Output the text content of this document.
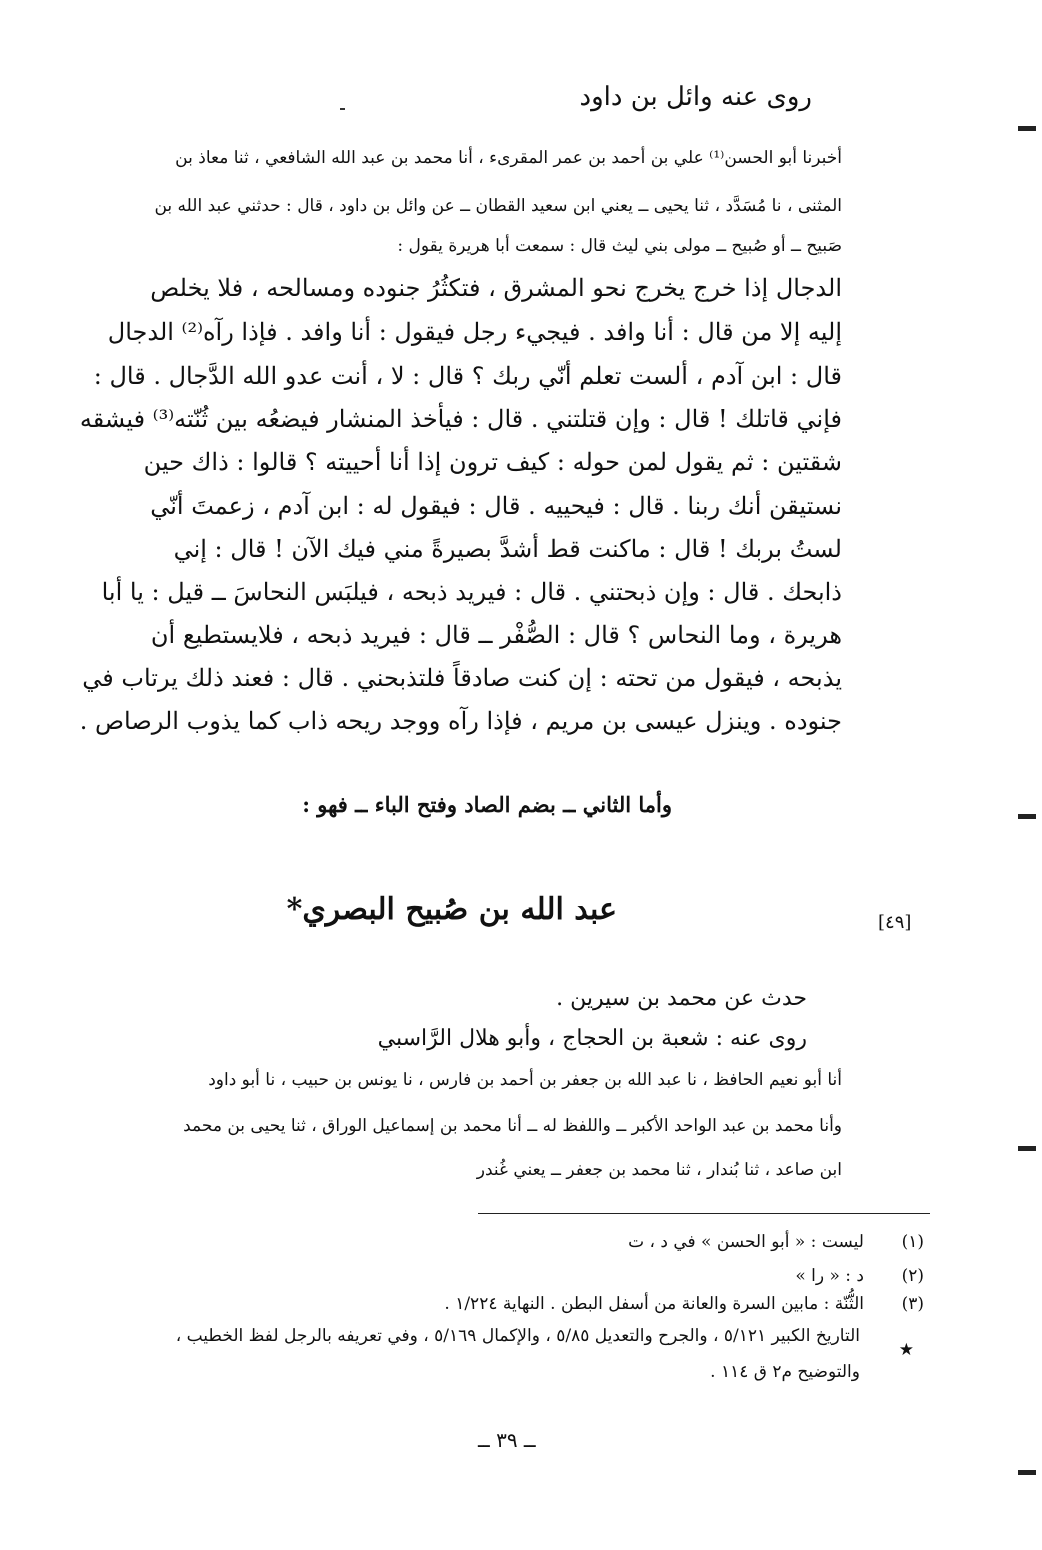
روى عنه وائل بن داود
أخبرنا أبو الحسن⁽¹⁾ علي بن أحمد بن عمر المقرىء ، أنا محمد بن عبد الله الشافعي ، ثنا معاذ بن
المثنى ، نا مُسَدَّد ، ثنا يحيى ــ يعني ابن سعيد القطان ــ عن وائل بن داود ، قال : حدثني عبد الله بن
صَبيح ــ أو صُبيح ــ مولى بني ليث قال : سمعت أبا هريرة يقول :
الدجال إذا خرج يخرج نحو المشرق ، فتكثُرُ جنوده ومسالحه ، فلا يخلص
إليه إلا من قال : أنا وافد . فيجيء رجل فيقول : أنا وافد . فإذا رآه⁽²⁾ الدجال
قال : ابن آدم ، ألست تعلم أنّي ربك ؟ قال : لا ، أنت عدو الله الدَّجال . قال :
فإني قاتلك ! قال : وإن قتلتني . قال : فيأخذ المنشار فيضعُه بين ثُنّته⁽³⁾ فيشقه
شقتين : ثم يقول لمن حوله : كيف ترون إذا أنا أحييته ؟ قالوا : ذاك حين
نستيقن أنك ربنا . قال : فيحييه . قال : فيقول له : ابن آدم ، زعمتَ أنّي
لستُ بربك ! قال : ماكنت قط أشدَّ بصيرةً مني فيك الآن ! قال : إني
ذابحك . قال : وإن ذبحتني . قال : فيريد ذبحه ، فيلبَس النحاسَ ــ قيل : يا أبا
هريرة ، وما النحاس ؟ قال : الصُّفْر ــ قال : فيريد ذبحه ، فلايستطيع أن
يذبحه ، فيقول من تحته : إن كنت صادقاً فلتذبحني . قال : فعند ذلك يرتاب في
جنوده . وينزل عيسى بن مريم ، فإذا رآه ووجد ريحه ذاب كما يذوب الرصاص .
وأما الثاني ــ بضم الصاد وفتح الباء ــ فهو :
[٤٩]
عبد الله بن صُبيح البصري*
حدث عن محمد بن سيرين .
روى عنه : شعبة بن الحجاج ، وأبو هلال الرَّاسبي
أنا أبو نعيم الحافظ ، نا عبد الله بن جعفر بن أحمد بن فارس ، نا يونس بن حبيب ، نا أبو داود
وأنا محمد بن عبد الواحد الأكبر ــ واللفظ له ــ أنا محمد بن إسماعيل الوراق ، ثنا يحيى بن محمد
ابن صاعد ، ثنا بُندار ، ثنا محمد بن جعفر ــ يعني غُندر
(١)
ليست : « أبو الحسن » في د ، ت
(٢)
د : « را »
(٣)
الثُّنّة : مابين السرة والعانة من أسفل البطن . النهاية ١/٢٢٤ .
★
التاريخ الكبير ٥/١٢١ ، والجرح والتعديل ٥/٨٥ ، والإكمال ٥/١٦٩ ، وفي تعريفه بالرجل لفظ الخطيب ،
والتوضيح م٢ ق ١١٤ .
ــ ٣٩ ــ
